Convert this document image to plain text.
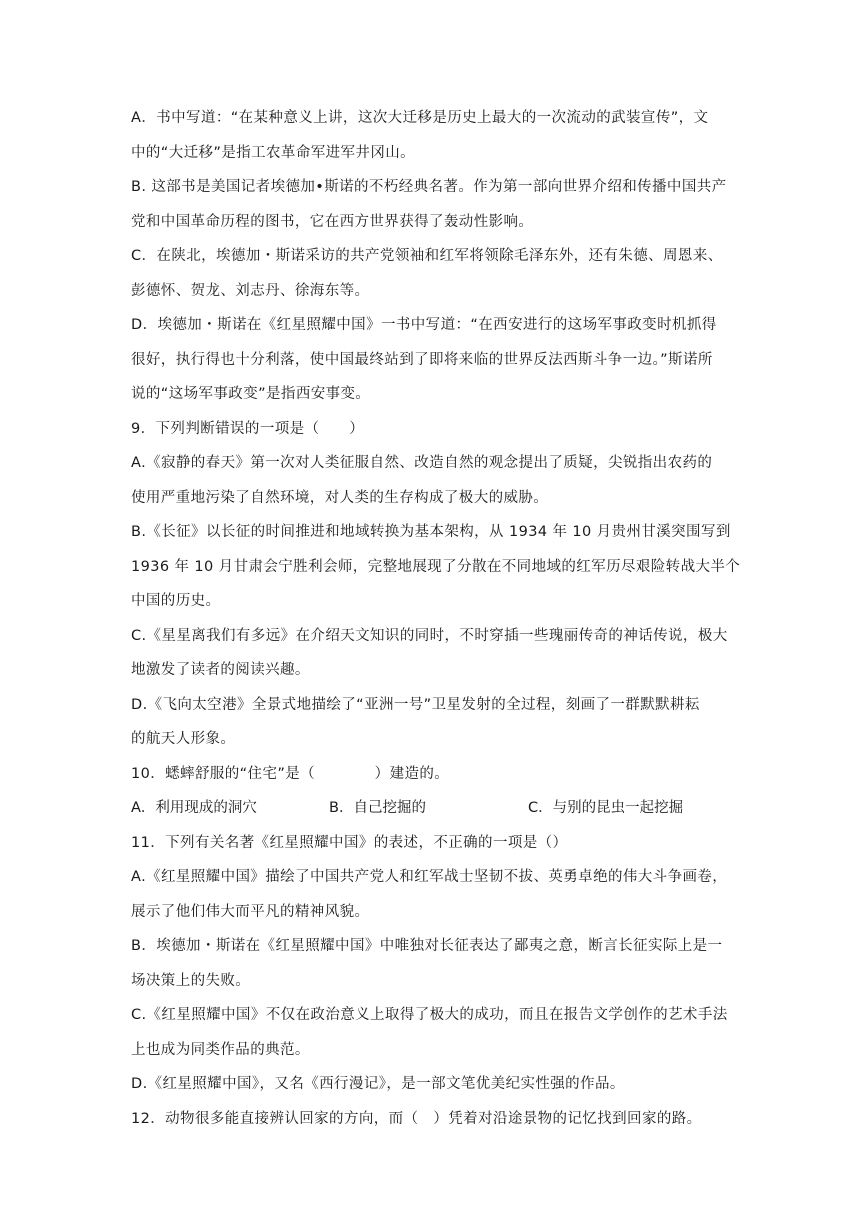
A．书中写道：“在某种意义上讲，这次大迁移是历史上最大的一次流动的武装宣传”，文

中的“大迁移”是指工农革命军进军井冈山。

B. 这部书是美国记者埃德加•斯诺的不朽经典名著。作为第一部向世界介绍和传播中国共产

党和中国革命历程的图书，它在西方世界获得了轰动性影响。

C．在陕北，埃德加・斯诺采访的共产党领袖和红军将领除毛泽东外，还有朱德、周恩来、

彭德怀、贺龙、刘志丹、徐海东等。

D．埃德加・斯诺在《红星照耀中国》一书中写道：“在西安进行的这场军事政变时机抓得

很好，执行得也十分利落，使中国最终站到了即将来临的世界反法西斯斗争一边。”斯诺所

说的“这场军事政变”是指西安事变。

9．下列判断错误的一项是（　　）

A.《寂静的春天》第一次对人类征服自然、改造自然的观念提出了质疑，尖锐指出农药的

使用严重地污染了自然环境，对人类的生存构成了极大的威胁。

B.《长征》以长征的时间推进和地域转换为基本架构，从 1934 年 10 月贵州甘溪突围写到

1936 年 10 月甘肃会宁胜利会师，完整地展现了分散在不同地域的红军历尽艰险转战大半个

中国的历史。

C.《星星离我们有多远》在介绍天文知识的同时，不时穿插一些瑰丽传奇的神话传说，极大

地激发了读者的阅读兴趣。

D.《飞向太空港》全景式地描绘了“亚洲一号”卫星发射的全过程，刻画了一群默默耕耘

的航天人形象。

10．蟋蟀舒服的“住宅”是（　　　　）建造的。

A．利用现成的洞穴	B．自己挖掘的	C．与别的昆虫一起挖掘

11．下列有关名著《红星照耀中国》的表述，不正确的一项是（）

A.《红星照耀中国》描绘了中国共产党人和红军战士坚韧不拔、英勇卓绝的伟大斗争画卷，

展示了他们伟大而平凡的精神风貌。

B．埃德加・斯诺在《红星照耀中国》中唯独对长征表达了鄙夷之意，断言长征实际上是一

场决策上的失败。

C.《红星照耀中国》不仅在政治意义上取得了极大的成功，而且在报告文学创作的艺术手法

上也成为同类作品的典范。

D.《红星照耀中国》，又名《西行漫记》，是一部文笔优美纪实性强的作品。

12．动物很多能直接辨认回家的方向，而（　）凭着对沿途景物的记忆找到回家的路。
